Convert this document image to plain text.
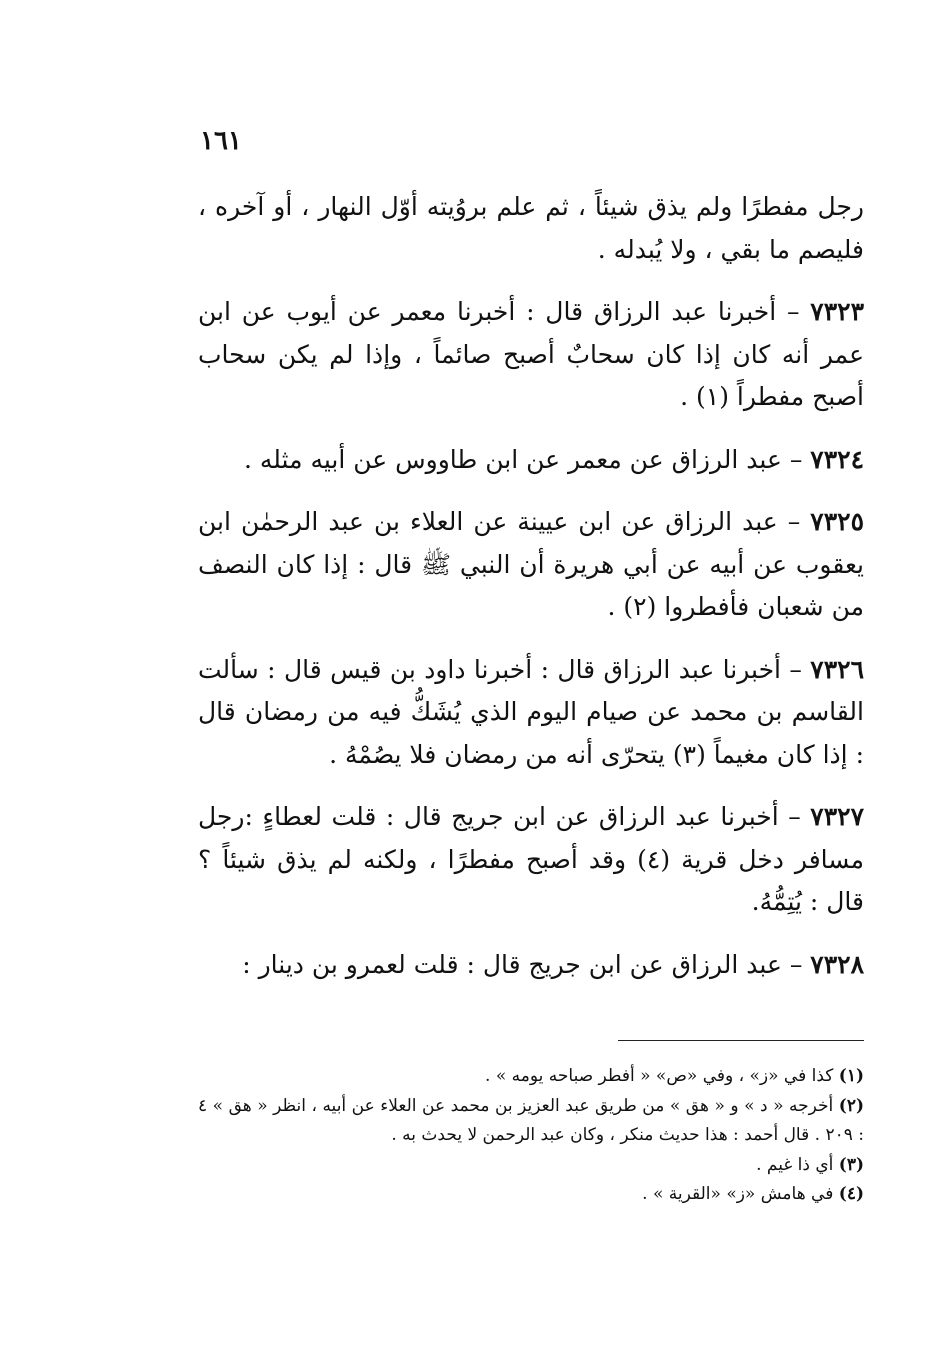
١٦١

رجل مفطرًا ولم يذق شيئاً ، ثم علم بروُيته أوّل النهار ، أو آخره ، فليصم ما بقي ، ولا يُبدله .

٧٣٢٣ – أخبرنا عبد الرزاق قال : أخبرنا معمر عن أيوب عن ابن عمر أنه كان إذا كان سحابٌ أصبح صائماً ، وإذا لم يكن سحاب أصبح مفطراً (١) .

٧٣٢٤ – عبد الرزاق عن معمر عن ابن طاووس عن أبيه مثله .

٧٣٢٥ – عبد الرزاق عن ابن عيينة عن العلاء بن عبد الرحمٰن ابن يعقوب عن أبيه عن أبي هريرة أن النبي ﷺ قال : إذا كان النصف من شعبان فأفطروا (٢) .

٧٣٢٦ – أخبرنا عبد الرزاق قال : أخبرنا داود بن قيس قال : سألت القاسم بن محمد عن صيام اليوم الذي يُشَكُّ فيه من رمضان قال : إذا كان مغيماً (٣) يتحرّى أنه من رمضان فلا يصُمْهُ .

٧٣٢٧ – أخبرنا عبد الرزاق عن ابن جريج قال : قلت لعطاءٍ :رجل مسافر دخل قرية (٤) وقد أصبح مفطرًا ، ولكنه لم يذق شيئاً ؟ قال : يُتِمُّهُ.

٧٣٢٨ – عبد الرزاق عن ابن جريج قال : قلت لعمرو بن دينار :

(١) كذا في «ز» ، وفي «ص» « أفطر صباحه يومه » .

(٢) أخرجه « د » و « هق » من طريق عبد العزيز بن محمد عن العلاء عن أبيه ، انظر « هق » ٤ : ٢٠٩ . قال أحمد : هذا حديث منكر ، وكان عبد الرحمن لا يحدث به .

(٣) أي ذا غيم .

(٤) في هامش «ز» «القرية » .
